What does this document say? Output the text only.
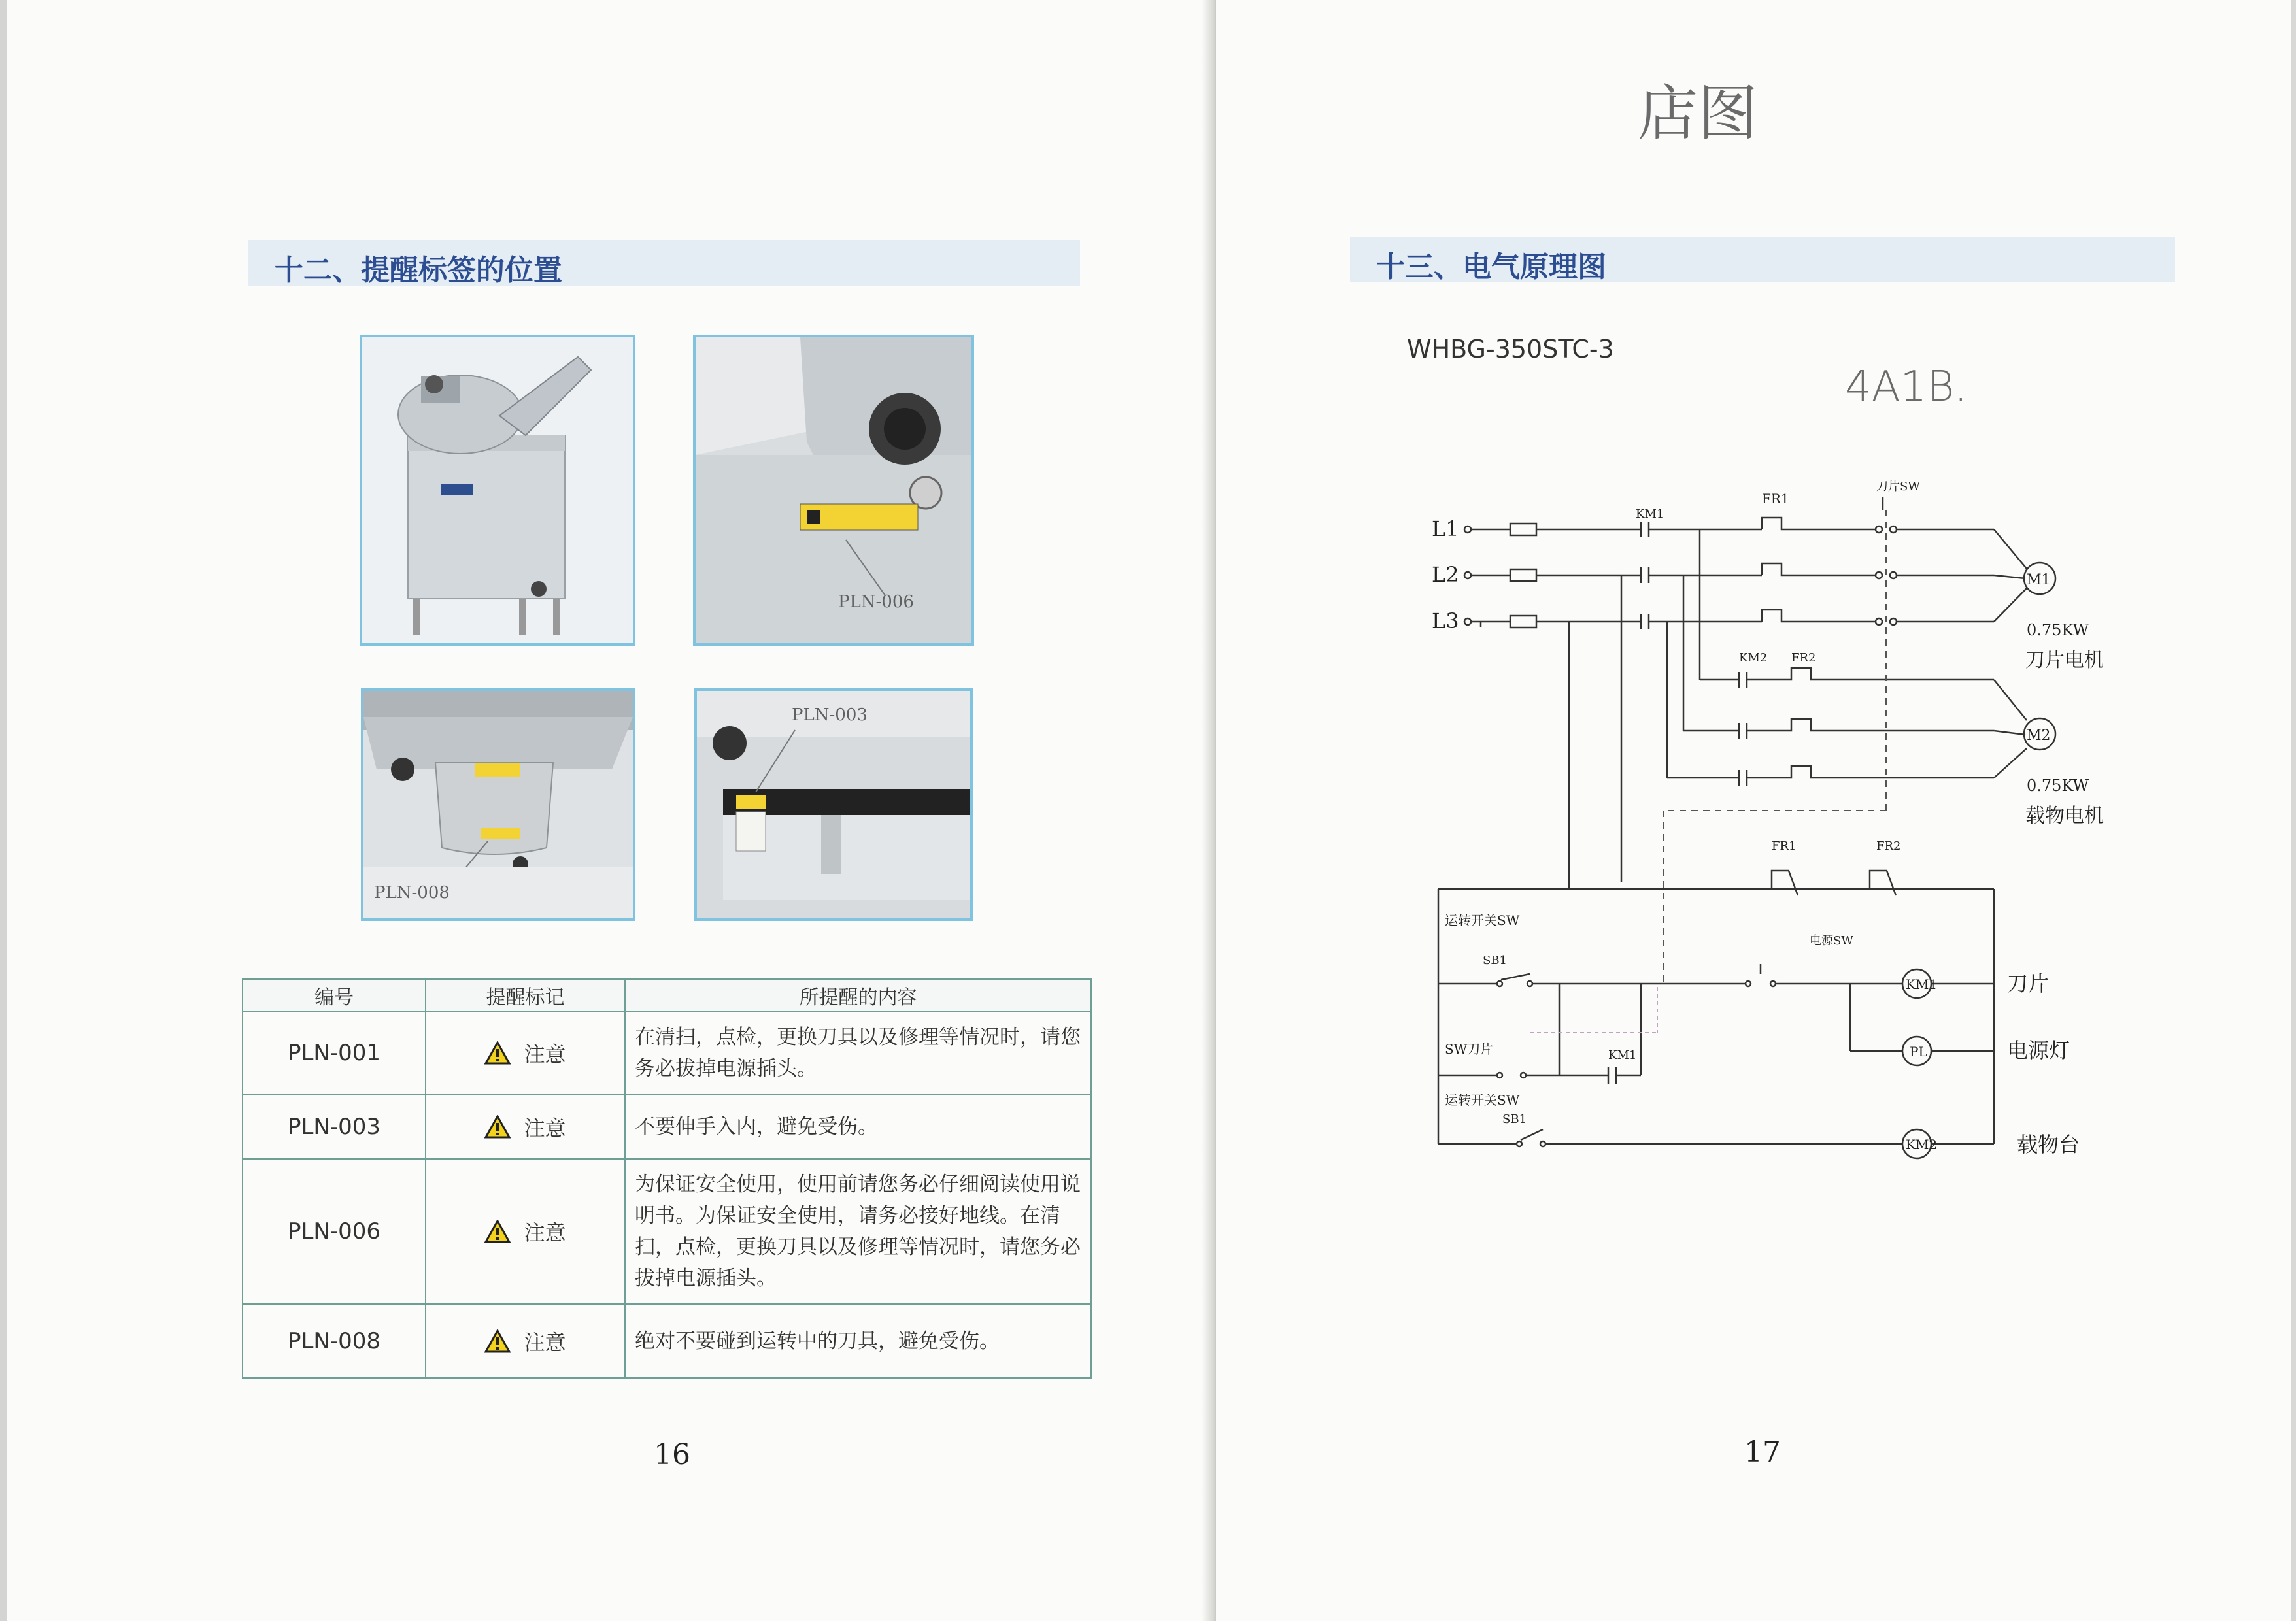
十二、提醒标签的位置
PLN-006
PLN-008
PLN-003
编号	提醒标记	所提醒的内容
PLN-001	注意	在清扫，点检，更换刀具以及修理等情况时，请您务必拔掉电源插头。
PLN-003	注意	不要伸手入内，避免受伤。
PLN-006	注意	为保证安全使用，使用前请您务必仔细阅读使用说明书。为保证安全使用，请务必接好地线。在清扫，点检，更换刀具以及修理等情况时，请您务必拔掉电源插头。
PLN-008	注意	绝对不要碰到运转中的刀具，避免受伤。
16
店图
十三、电气原理图
WHBG-350STC-3
4A1B.
L1
L2
L3
KM1
FR1
刀片SW
M1
0.75KW
刀片电机
KM2 FR2
M2
0.75KW
载物电机
FR1	FR2
运转开关SW
SB1
电源SW
SW刀片	KM1
运转开关SW
SB1
KM1
PL
KM2
刀片
电源灯
载物台
17
